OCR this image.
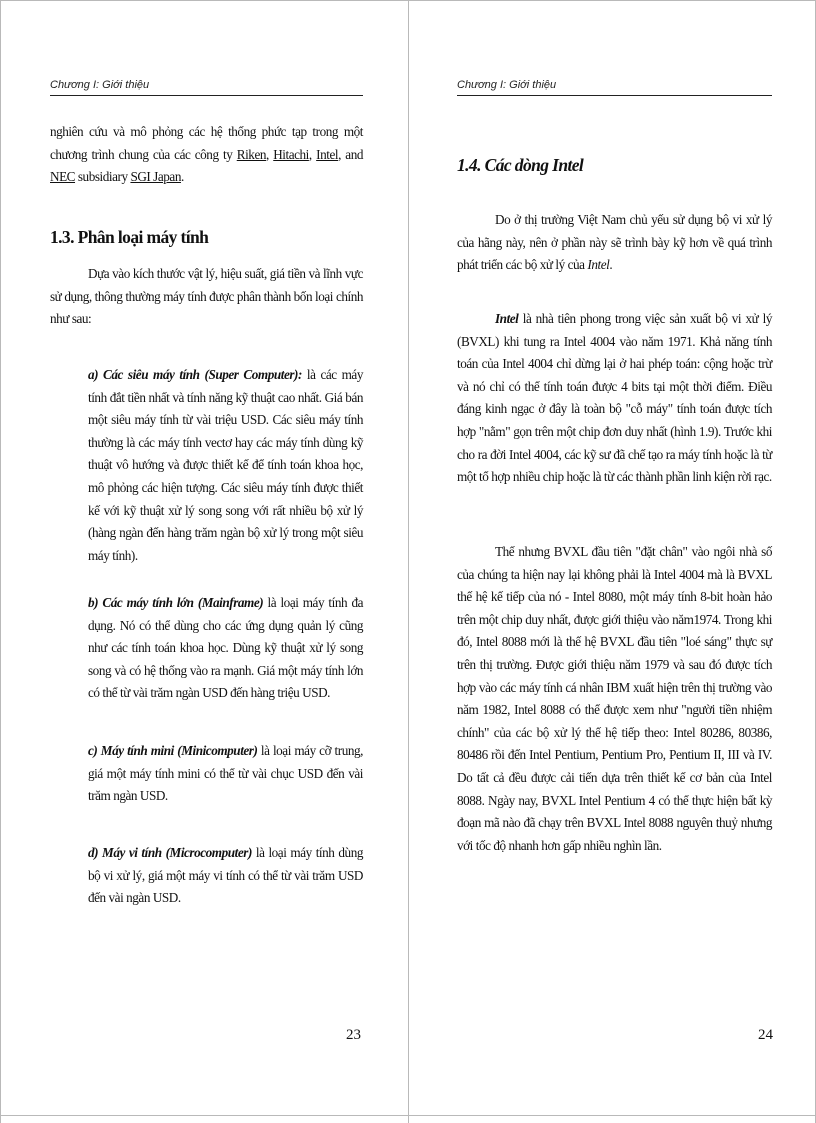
Chương I: Giới thiệu
nghiên cứu và mô phỏng các hệ thống phức tạp trong một chương trình chung của các công ty Riken, Hitachi, Intel, and NEC subsidiary SGI Japan.
1.3. Phân loại máy tính
Dựa vào kích thước vật lý, hiệu suất, giá tiền và lĩnh vực sử dụng, thông thường máy tính được phân thành bốn loại chính như sau:
a) Các siêu máy tính (Super Computer): là các máy tính đắt tiền nhất và tính năng kỹ thuật cao nhất. Giá bán một siêu máy tính từ vài triệu USD. Các siêu máy tính thường là các máy tính vectơ hay các máy tính dùng kỹ thuật vô hướng và được thiết kế để tính toán khoa học, mô phỏng các hiện tượng. Các siêu máy tính được thiết kế với kỹ thuật xử lý song song với rất nhiều bộ xử lý (hàng ngàn đến hàng trăm ngàn bộ xử lý trong một siêu máy tính).
b) Các máy tính lớn (Mainframe) là loại máy tính đa dụng. Nó có thể dùng cho các ứng dụng quản lý cũng như các tính toán khoa học. Dùng kỹ thuật xử lý song song và có hệ thống vào ra mạnh. Giá một máy tính lớn có thể từ vài trăm ngàn USD đến hàng triệu USD.
c) Máy tính mini (Minicomputer) là loại máy cỡ trung, giá một máy tính mini có thể từ vài chục USD đến vài trăm ngàn USD.
d) Máy vi tính (Microcomputer) là loại máy tính dùng bộ vi xử lý, giá một máy vi tính có thể từ vài trăm USD đến vài ngàn USD.
23
Chương I: Giới thiệu
1.4. Các dòng Intel
Do ở thị trường Việt Nam chủ yếu sử dụng bộ vi xử lý của hãng này, nên ở phần này sẽ trình bày kỹ hơn về quá trình phát triển các bộ xử lý của Intel.
Intel là nhà tiên phong trong việc sản xuất bộ vi xử lý (BVXL) khi tung ra Intel 4004 vào năm 1971. Khả năng tính toán của Intel 4004 chỉ dừng lại ở hai phép toán: cộng hoặc trừ và nó chỉ có thể tính toán được 4 bits tại một thời điểm. Điều đáng kinh ngạc ở đây là toàn bộ "cỗ máy" tính toán được tích hợp "nằm" gọn trên một chip đơn duy nhất (hình 1.9). Trước khi cho ra đời Intel 4004, các kỹ sư đã chế tạo ra máy tính hoặc là từ một tổ hợp nhiều chip hoặc là từ các thành phần linh kiện rời rạc.
Thế nhưng BVXL đầu tiên "đặt chân" vào ngôi nhà số của chúng ta hiện nay lại không phải là Intel 4004 mà là BVXL thế hệ kế tiếp của nó - Intel 8080, một máy tính 8-bit hoàn hảo trên một chip duy nhất, được giới thiệu vào năm1974. Trong khi đó, Intel 8088 mới là thế hệ BVXL đầu tiên "loé sáng" thực sự trên thị trường. Được giới thiệu năm 1979 và sau đó được tích hợp vào các máy tính cá nhân IBM xuất hiện trên thị trường vào năm 1982, Intel 8088 có thể được xem như "người tiền nhiệm chính" của các bộ xử lý thế hệ tiếp theo: Intel 80286, 80386, 80486 rồi đến Intel Pentium, Pentium Pro, Pentium II, III và IV. Do tất cả đều được cải tiến dựa trên thiết kế cơ bản của Intel 8088. Ngày nay, BVXL Intel Pentium 4 có thể thực hiện bất kỳ đoạn mã nào đã chạy trên BVXL Intel 8088 nguyên thuỷ nhưng với tốc độ nhanh hơn gấp nhiều nghìn lần.
24
